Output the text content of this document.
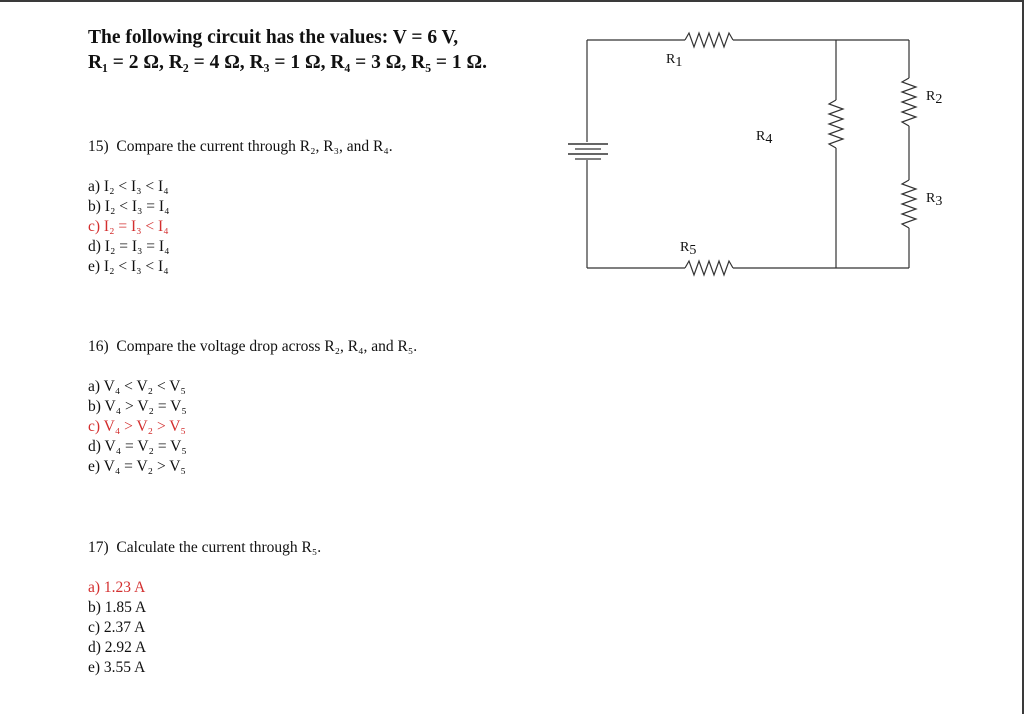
The following circuit has the values: V = 6 V,
R₁ = 2 Ω, R₂ = 4 Ω, R₃ = 1 Ω, R₄ = 3 Ω, R₅ = 1 Ω.
15) Compare the current through R₂, R₃, and R₄.
a) I₂ < I₃ < I₄
b) I₂ < I₃ = I₄
c) I₂ = I₃ < I₄
d) I₂ = I₃ = I₄
e) I₂ < I₃ < I₄
16) Compare the voltage drop across R₂, R₄, and R₅.
a) V₄ < V₂ < V₅
b) V₄ > V₂ = V₅
c) V₄ > V₂ > V₅
d) V₄ = V₂ = V₅
e) V₄ = V₂ > V₅
17) Calculate the current through R₅.
a) 1.23 A
b) 1.85 A
c) 2.37 A
d) 2.92 A
e) 3.55 A
R1
R2
R3
R4
R5
